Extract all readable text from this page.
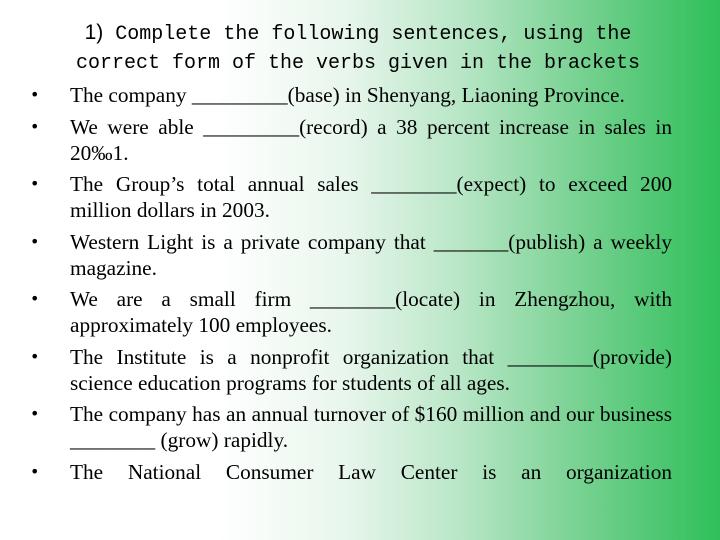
1) Complete the following sentences, using the
correct form of the verbs given in the brackets
• The company _________(base) in Shenyang, Liaoning Province.
• We were able _________(record) a 38 percent increase in sales in 20‰1.
• The Group’s total annual sales ________(expect) to exceed 200 million dollars in 2003.
• Western Light is a private company that _______(publish) a weekly magazine.
• We are a small firm ________(locate) in Zhengzhou, with approximately 100 employees.
• The Institute is a nonprofit organization that ________(provide) science education programs for students of all ages.
• The company has an annual turnover of $160 million and our business ________ (grow) rapidly.
• The National Consumer Law Center is an organization
